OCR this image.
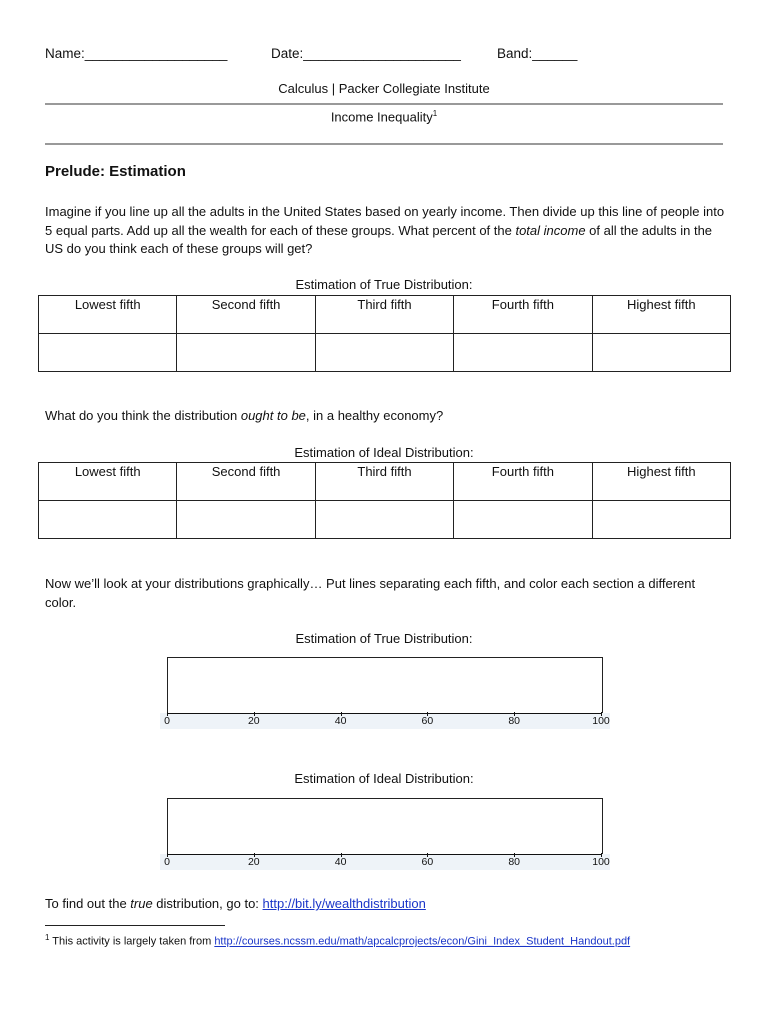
Name:___________________	Date:_____________________	Band:______
Calculus | Packer Collegiate Institute
Income Inequality$^1$
Prelude: Estimation
Imagine if you line up all the adults in the United States based on yearly income. Then divide up this line of people into 5 equal parts. Add up all the wealth for each of these groups. What percent of the total income of all the adults in the US do you think each of these groups will get?
Estimation of True Distribution:
Lowest fifth	Second fifth	Third fifth	Fourth fifth	Highest fifth

What do you think the distribution ought to be, in a healthy economy?
Estimation of Ideal Distribution:
Lowest fifth	Second fifth	Third fifth	Fourth fifth	Highest fifth

Now we’ll look at your distributions graphically… Put lines separating each fifth, and color each section a different color.
Estimation of True Distribution:
0	20	40	60	80	100
Estimation of Ideal Distribution:
0	20	40	60	80	100
To find out the true distribution, go to: http://bit.ly/wealthdistribution
$^1$ This activity is largely taken from http://courses.ncssm.edu/math/apcalcprojects/econ/Gini_Index_Student_Handout.pdf
